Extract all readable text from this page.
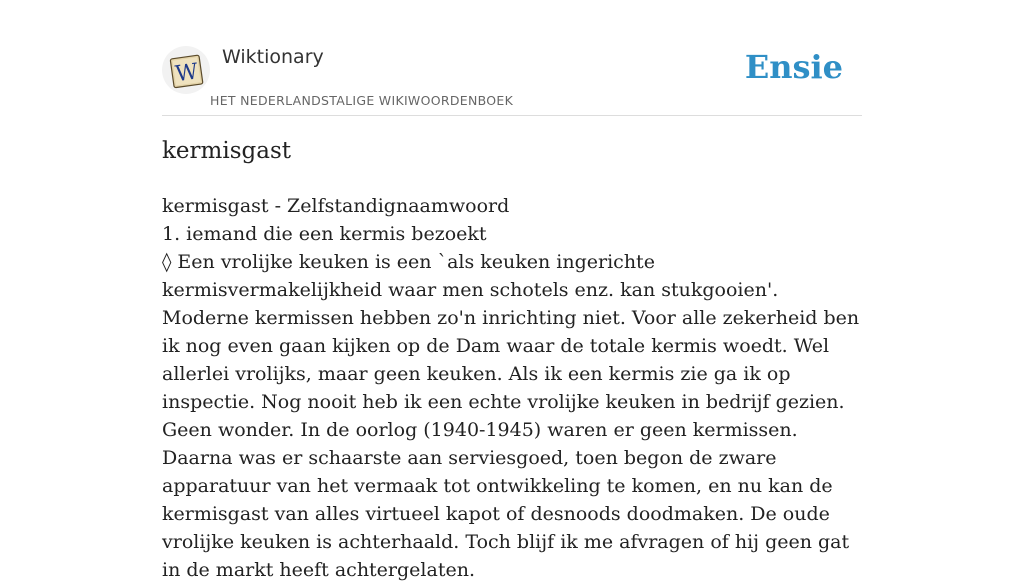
W
Wiktionary
HET NEDERLANDSTALIGE WIKIWOORDENBOEK
Ensie
kermisgast
kermisgast - Zelfstandignaamwoord
1. iemand die een kermis bezoekt
◊ Een vrolijke keuken is een `als keuken ingerichte kermisvermakelijkheid waar men schotels enz. kan stukgooien'. Moderne kermissen hebben zo'n inrichting niet. Voor alle zekerheid ben ik nog even gaan kijken op de Dam waar de totale kermis woedt. Wel allerlei vrolijks, maar geen keuken. Als ik een kermis zie ga ik op inspectie. Nog nooit heb ik een echte vrolijke keuken in bedrijf gezien. Geen wonder. In de oorlog (1940-1945) waren er geen kermissen. Daarna was er schaarste aan serviesgoed, toen begon de zware apparatuur van het vermaak tot ontwikkeling te komen, en nu kan de kermisgast van alles virtueel kapot of desnoods doodmaken. De oude vrolijke keuken is achterhaald. Toch blijf ik me afvragen of hij geen gat in de markt heeft achtergelaten.
